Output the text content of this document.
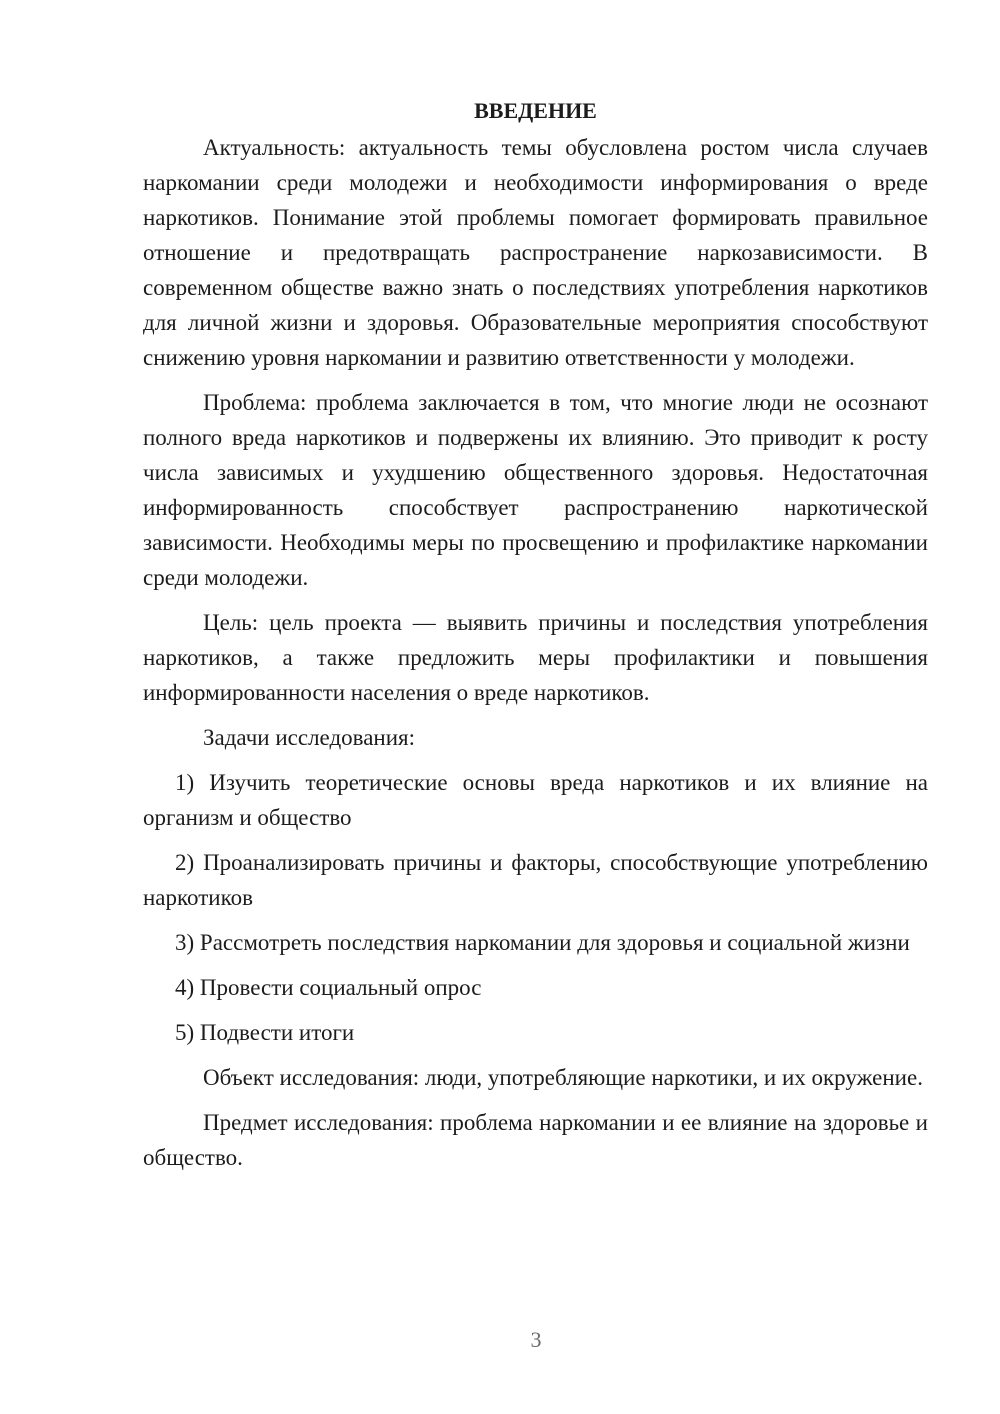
ВВЕДЕНИЕ

Актуальность: актуальность темы обусловлена ростом числа случаев наркомании среди молодежи и необходимости информирования о вреде наркотиков. Понимание этой проблемы помогает формировать правильное отношение и предотвращать распространение наркозависимости. В современном обществе важно знать о последствиях употребления наркотиков для личной жизни и здоровья. Образовательные мероприятия способствуют снижению уровня наркомании и развитию ответственности у молодежи.

Проблема: проблема заключается в том, что многие люди не осознают полного вреда наркотиков и подвержены их влиянию. Это приводит к росту числа зависимых и ухудшению общественного здоровья. Недостаточная информированность способствует распространению наркотической зависимости. Необходимы меры по просвещению и профилактике наркомании среди молодежи.

Цель: цель проекта — выявить причины и последствия употребления наркотиков, а также предложить меры профилактики и повышения информированности населения о вреде наркотиков.

Задачи исследования:

1) Изучить теоретические основы вреда наркотиков и их влияние на организм и общество

2) Проанализировать причины и факторы, способствующие употреблению наркотиков

3) Рассмотреть последствия наркомании для здоровья и социальной жизни

4) Провести социальный опрос

5) Подвести итоги

Объект исследования: люди, употребляющие наркотики, и их окружение.

Предмет исследования: проблема наркомании и ее влияние на здоровье и общество.

3
